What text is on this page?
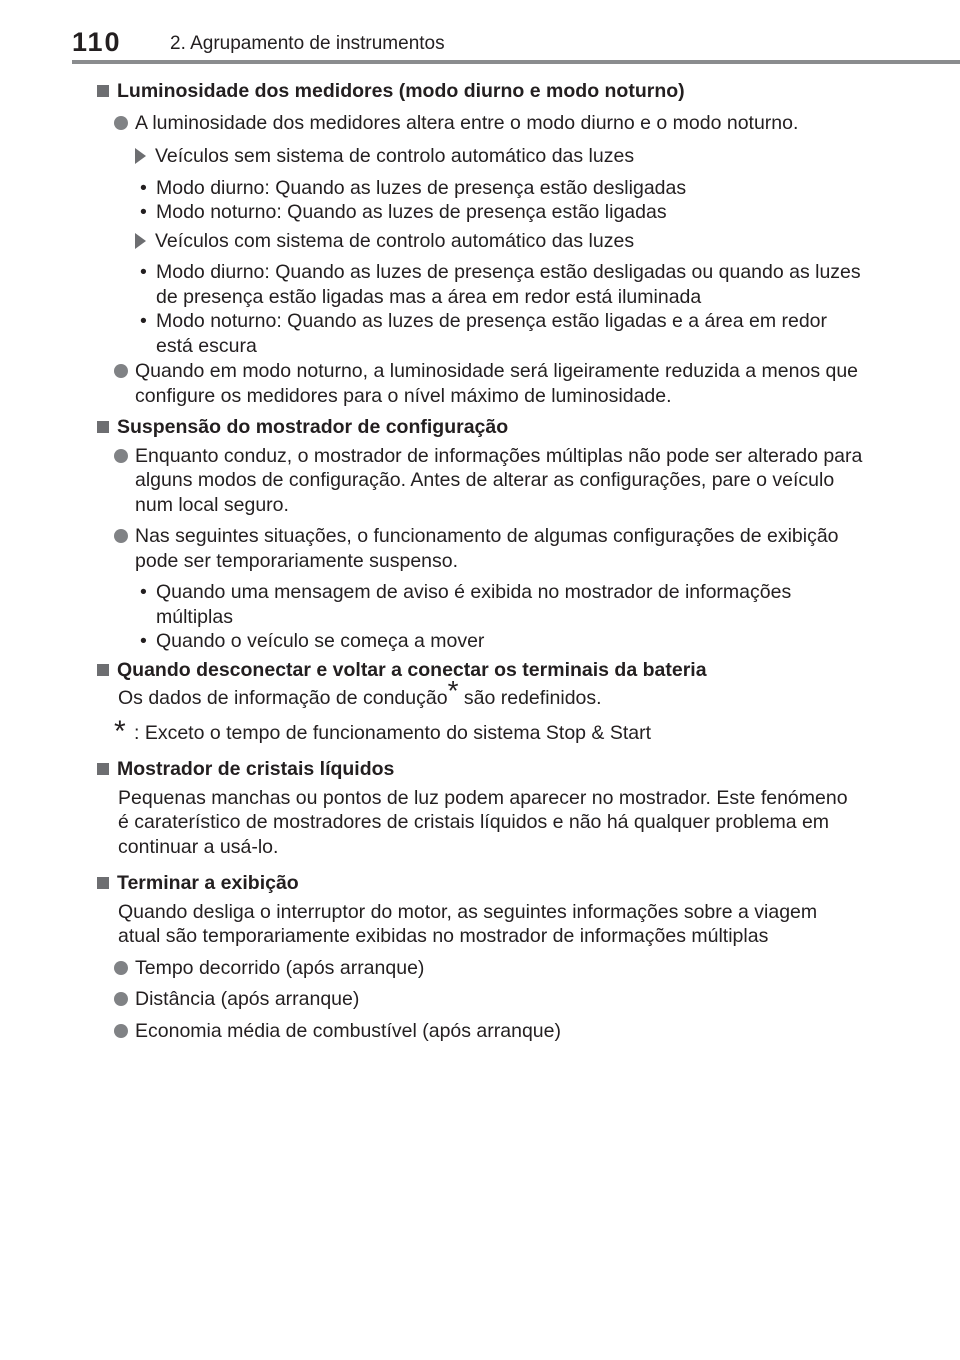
110	2. Agrupamento de instrumentos
Luminosidade dos medidores (modo diurno e modo noturno)
A luminosidade dos medidores altera entre o modo diurno e o modo noturno.
Veículos sem sistema de controlo automático das luzes
• Modo diurno: Quando as luzes de presença estão desligadas
• Modo noturno: Quando as luzes de presença estão ligadas
Veículos com sistema de controlo automático das luzes
• Modo diurno: Quando as luzes de presença estão desligadas ou quando as luzes de presença estão ligadas mas a área em redor está iluminada
• Modo noturno: Quando as luzes de presença estão ligadas e a área em redor está escura
Quando em modo noturno, a luminosidade será ligeiramente reduzida a menos que configure os medidores para o nível máximo de luminosidade.
Suspensão do mostrador de configuração
Enquanto conduz, o mostrador de informações múltiplas não pode ser alterado para alguns modos de configuração. Antes de alterar as configurações, pare o veículo num local seguro.
Nas seguintes situações, o funcionamento de algumas configurações de exibição pode ser temporariamente suspenso.
• Quando uma mensagem de aviso é exibida no mostrador de informações múltiplas
• Quando o veículo se começa a mover
Quando desconectar e voltar a conectar os terminais da bateria
Os dados de informação de condução* são redefinidos.
* : Exceto o tempo de funcionamento do sistema Stop & Start
Mostrador de cristais líquidos
Pequenas manchas ou pontos de luz podem aparecer no mostrador. Este fenómeno é caraterístico de mostradores de cristais líquidos e não há qualquer problema em continuar a usá-lo.
Terminar a exibição
Quando desliga o interruptor do motor, as seguintes informações sobre a viagem atual são temporariamente exibidas no mostrador de informações múltiplas
Tempo decorrido (após arranque)
Distância (após arranque)
Economia média de combustível (após arranque)
